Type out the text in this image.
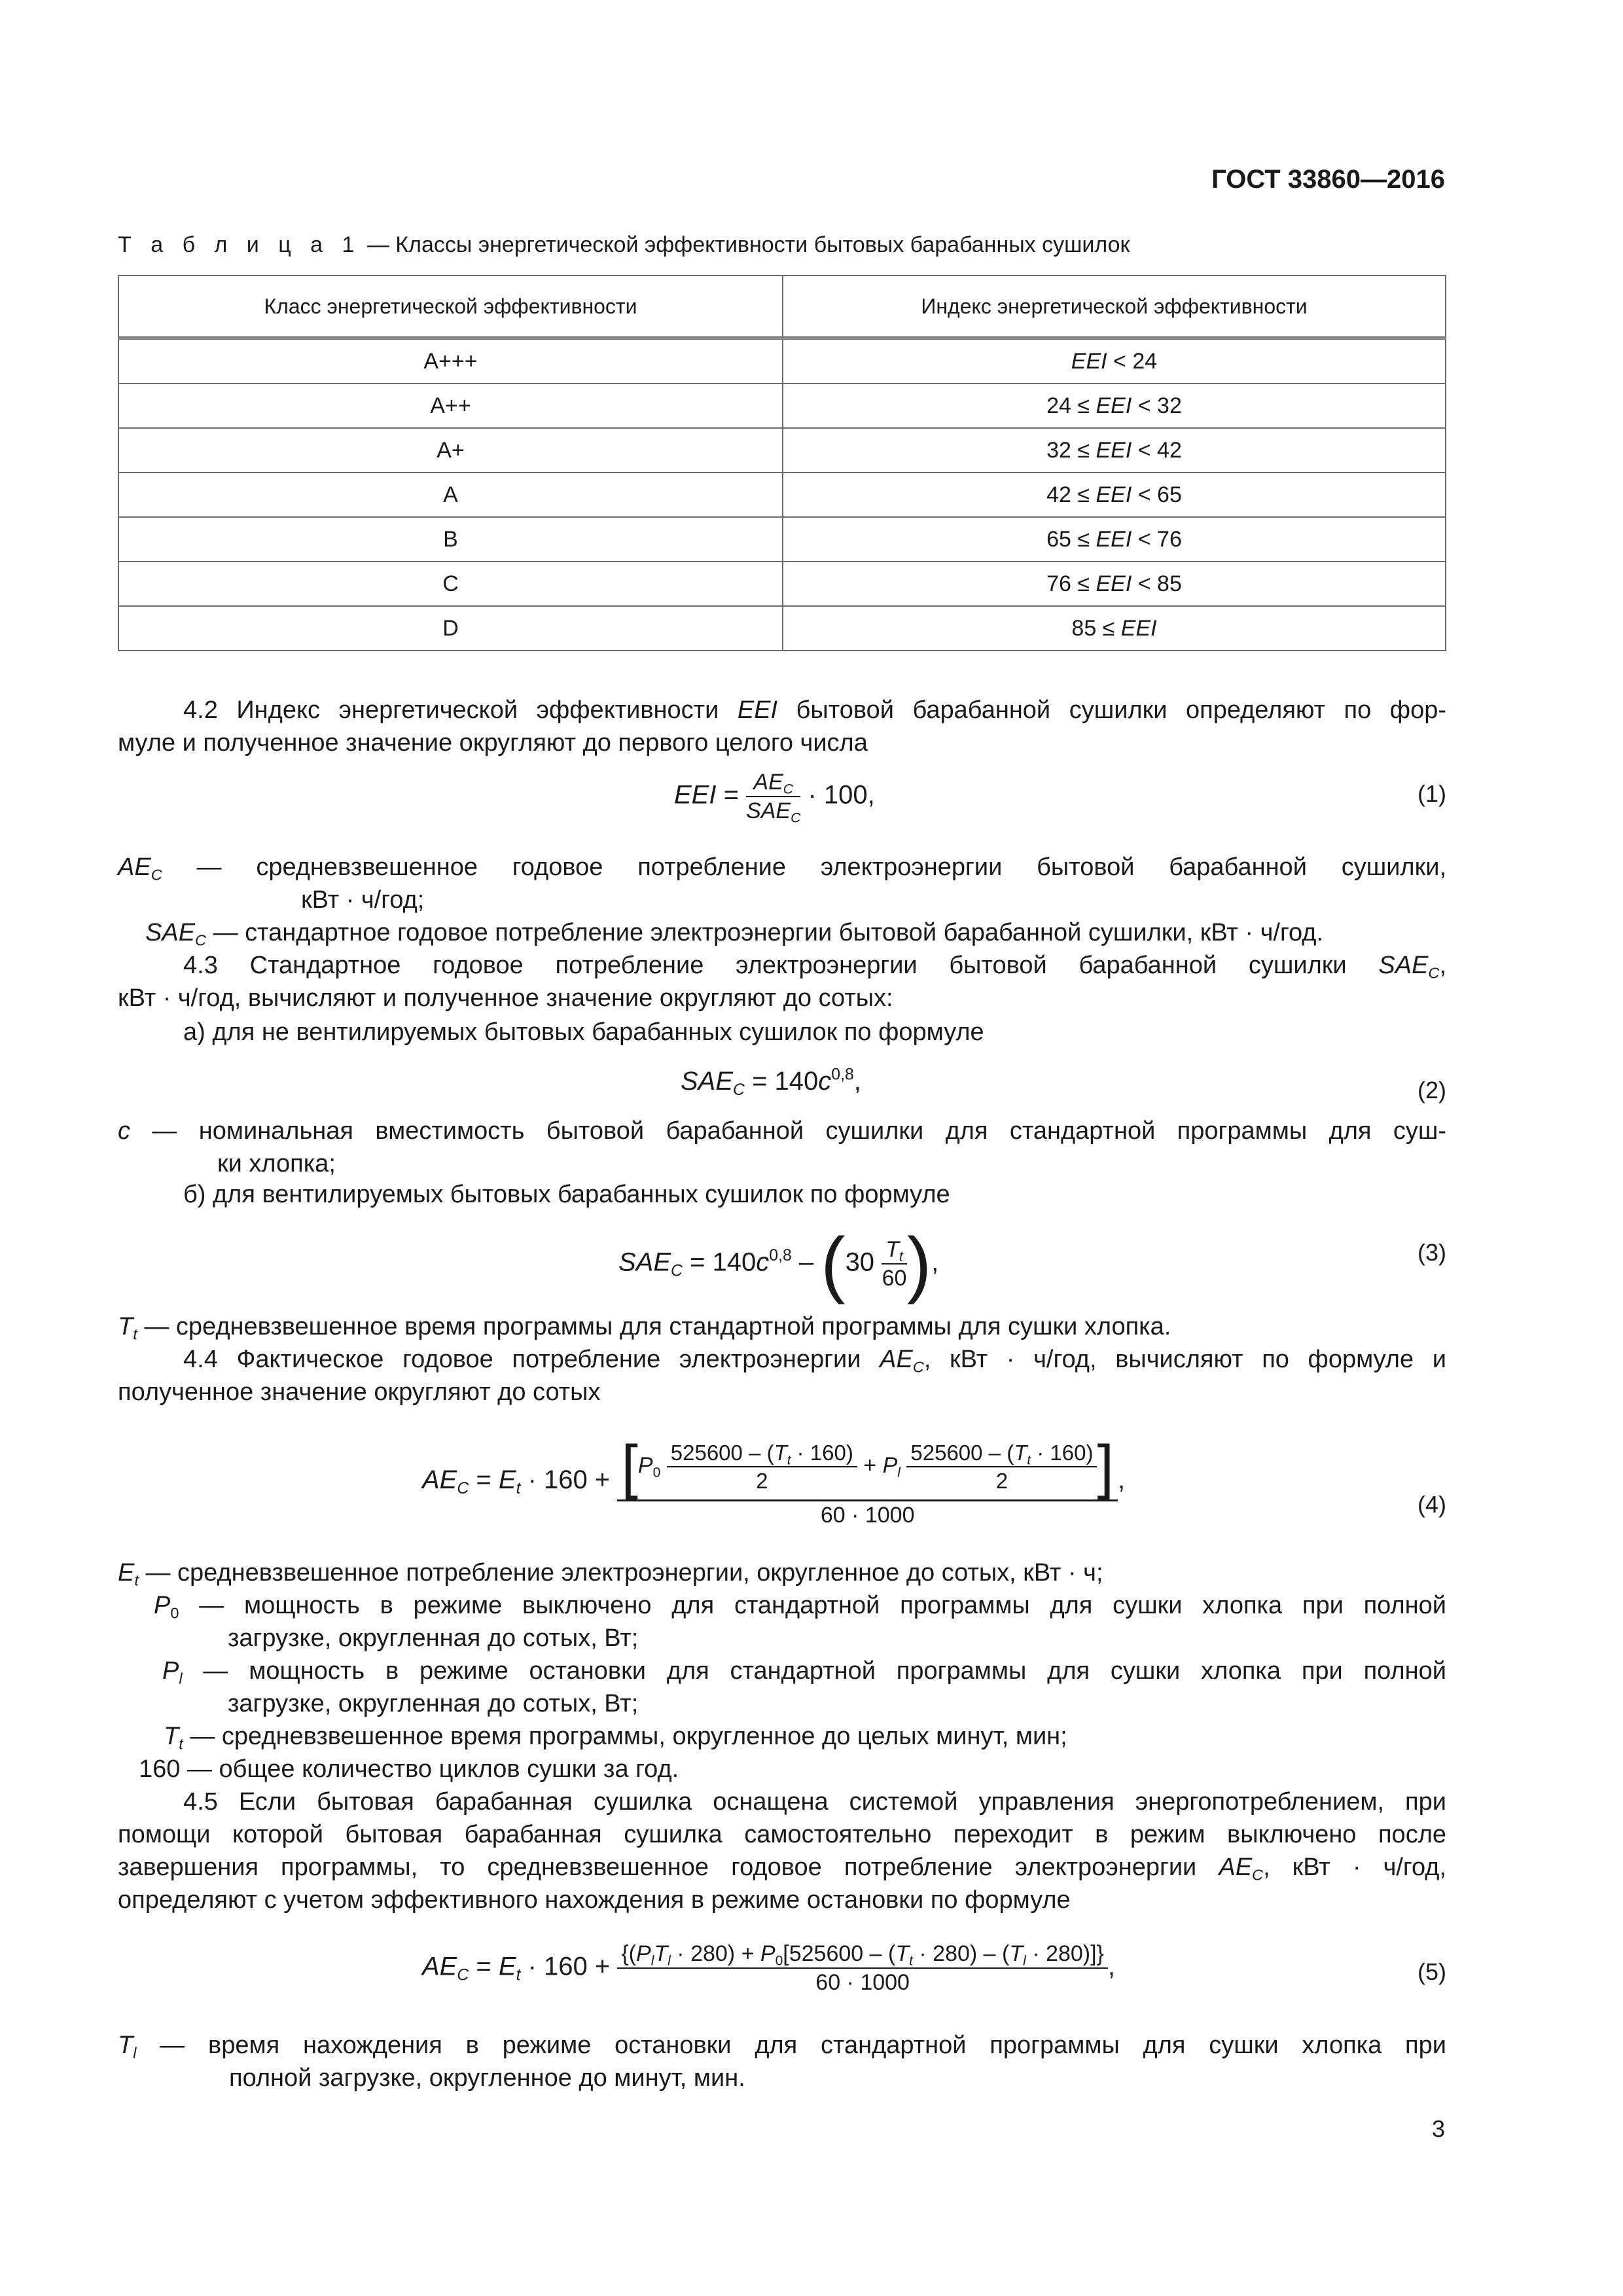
ГОСТ 33860—2016
Т а б л и ц а 1 — Классы энергетической эффективности бытовых барабанных сушилок
Класс энергетической эффективности	Индекс энергетической эффективности
A+++	EEI < 24
A++	24 ≤ EEI < 32
A+	32 ≤ EEI < 42
A	42 ≤ EEI < 65
B	65 ≤ EEI < 76
C	76 ≤ EEI < 85
D	85 ≤ EEI
4.2 Индекс энергетической эффективности EEI бытовой барабанной сушилки определяют по фор-
муле и полученное значение округляют до первого целого числа
EEI = $\frac{AE_C}{SAE_C} \cdot 100$,	(1)
$AE_C$ — средневзвешенное годовое потребление электроэнергии бытовой барабанной сушилки,
кВт · ч/год;
$SAE_C$ — стандартное годовое потребление электроэнергии бытовой барабанной сушилки, кВт · ч/год.
4.3 Стандартное годовое потребление электроэнергии бытовой барабанной сушилки $SAE_C$,
кВт · ч/год, вычисляют и полученное значение округляют до сотых:
а) для не вентилируемых бытовых барабанных сушилок по формуле
$SAE_C = 140c^{0,8}$,	(2)
c — номинальная вместимость бытовой барабанной сушилки для стандартной программы для суш-
ки хлопка;
б) для вентилируемых бытовых барабанных сушилок по формуле
$SAE_C = 140c^{0,8} - (30 \frac{T_t}{60}$ ),	(3)
$T_t$ — средневзвешенное время программы для стандартной программы для сушки хлопка.
4.4 Фактическое годовое потребление электроэнергии $AE_C$, кВт · ч/год, вычисляют по формуле и
полученное значение округляют до сотых
$AE_C = E_t \cdot 160 + [P_0 \frac{525600 - (T_t \cdot 160)}{2} + P_l \frac{525600 - (T_t \cdot 160)}{2}$ ]
60 · 1000
,
(4)
$E_t$ — средневзвешенное потребление электроэнергии, округленное до сотых, кВт · ч;
$P_0$ — мощность в режиме выключено для стандартной программы для сушки хлопка при полной
загрузке, округленная до сотых, Вт;
$P_l$ — мощность в режиме остановки для стандартной программы для сушки хлопка при полной
загрузке, округленная до сотых, Вт;
$T_t$ — средневзвешенное время программы, округленное до целых минут, мин;
160 — общее количество циклов сушки за год.
4.5 Если бытовая барабанная сушилка оснащена системой управления энергопотреблением, при
помощи которой бытовая барабанная сушилка самостоятельно переходит в режим выключено после
завершения программы, то средневзвешенное годовое потребление электроэнергии $AE_C$, кВт · ч/год,
определяют с учетом эффективного нахождения в режиме остановки по формуле
$AE_C = E_t \cdot 160 + \frac{\{(P_lT_l \cdot 280) + P_0[525600 - (T_t \cdot 280) - (T_l \cdot 280)]\}}{60 \cdot 1000}$ ,	(5)
$T_l$ — время нахождения в режиме остановки для стандартной программы для сушки хлопка при
полной загрузке, округленное до минут, мин.
3
